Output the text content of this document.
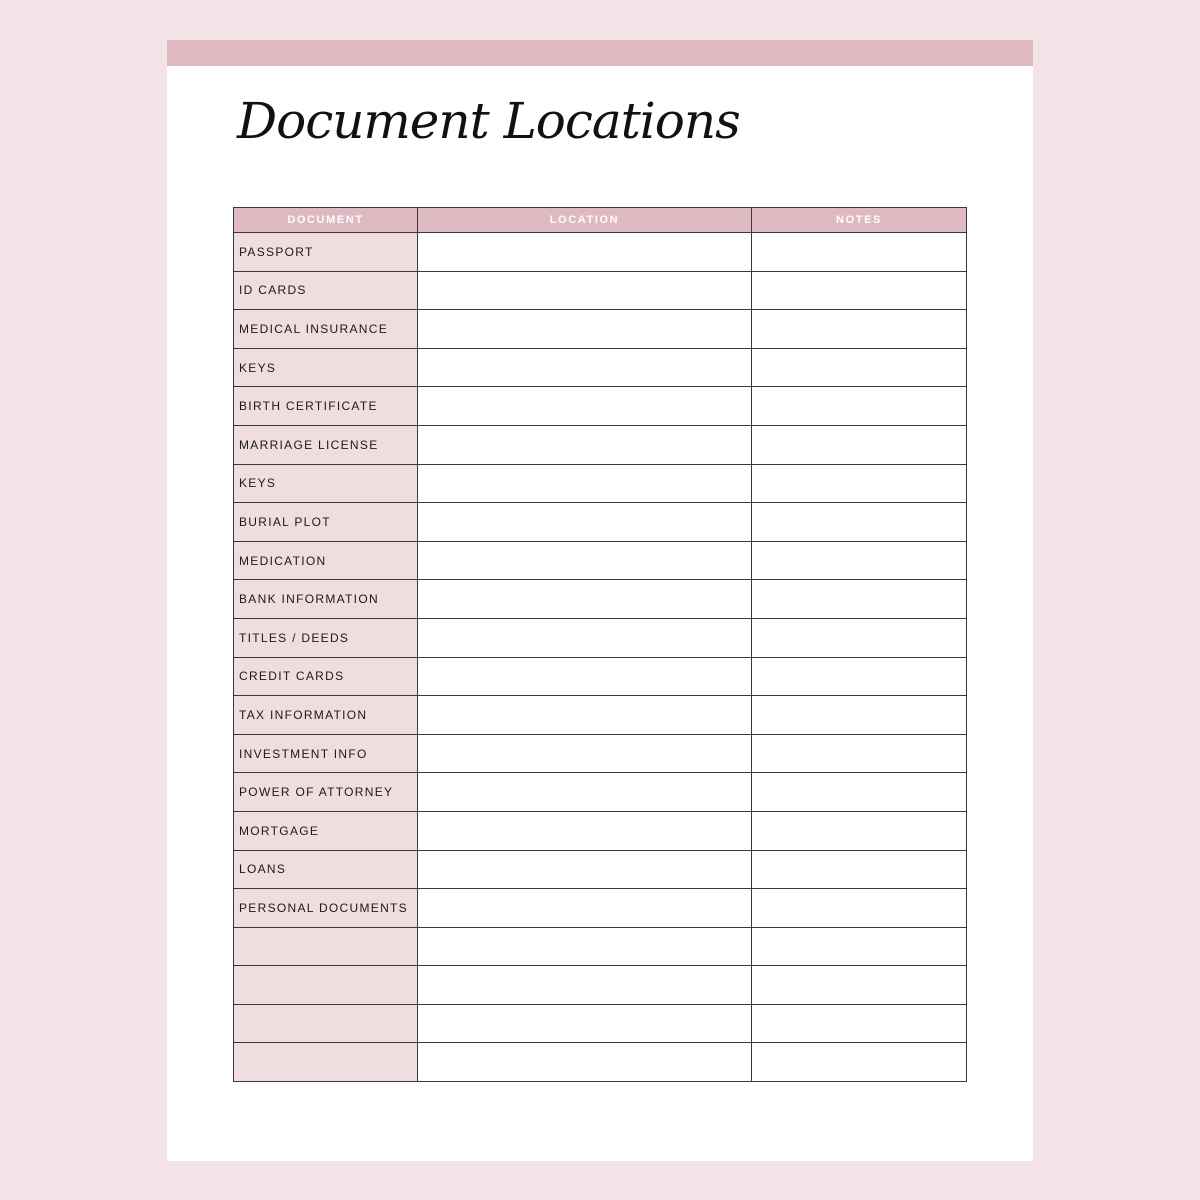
Document Locations
DOCUMENT	LOCATION	NOTES
PASSPORT		
ID CARDS		
MEDICAL INSURANCE		
KEYS		
BIRTH CERTIFICATE		
MARRIAGE LICENSE		
KEYS		
BURIAL PLOT		
MEDICATION		
BANK INFORMATION		
TITLES / DEEDS		
CREDIT CARDS		
TAX INFORMATION		
INVESTMENT INFO		
POWER OF ATTORNEY		
MORTGAGE		
LOANS		
PERSONAL DOCUMENTS		
